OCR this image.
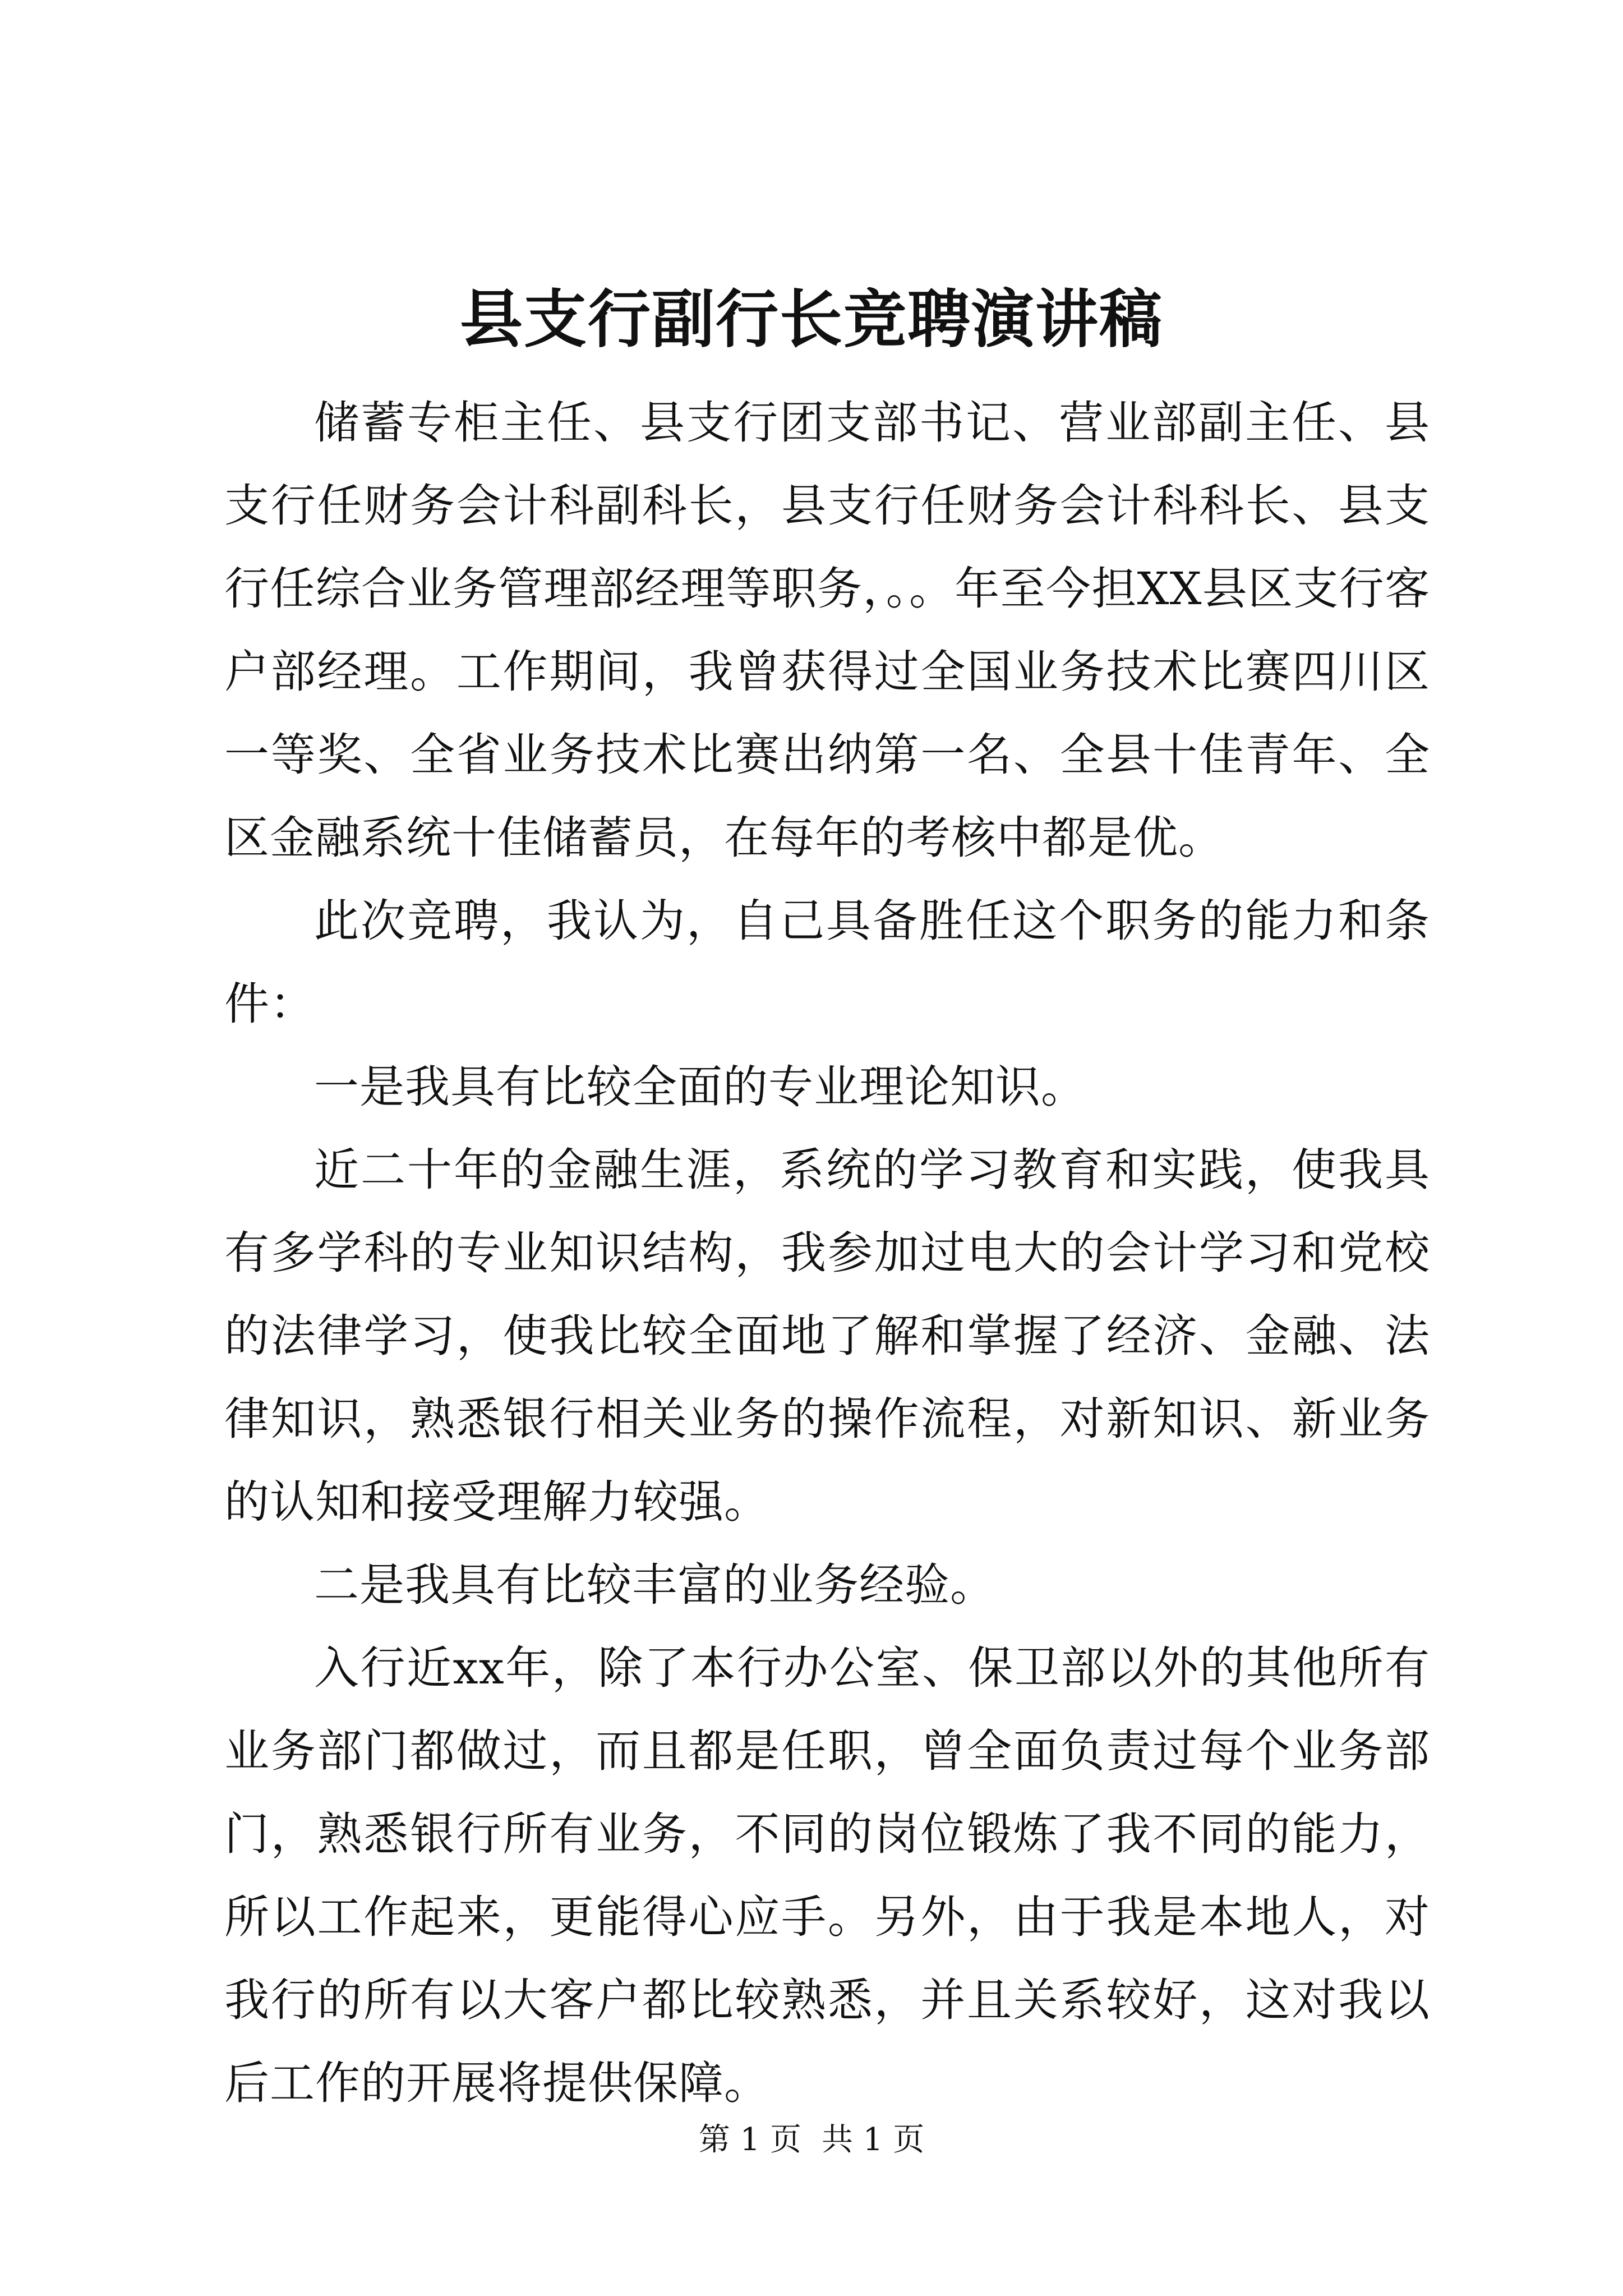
县支行副行长竞聘演讲稿

储蓄专柜主任、县支行团支部书记、营业部副主任、县支行任财务会计科副科长，县支行任财务会计科科长、县支行任综合业务管理部经理等职务，。。年至今担XX县区支行客户部经理。工作期间，我曾获得过全国业务技术比赛四川区一等奖、全省业务技术比赛出纳第一名、全县十佳青年、全区金融系统十佳储蓄员，在每年的考核中都是优。

此次竞聘，我认为，自己具备胜任这个职务的能力和条件：

一是我具有比较全面的专业理论知识。

近二十年的金融生涯，系统的学习教育和实践，使我具有多学科的专业知识结构，我参加过电大的会计学习和党校的法律学习，使我比较全面地了解和掌握了经济、金融、法律知识，熟悉银行相关业务的操作流程，对新知识、新业务的认知和接受理解力较强。

二是我具有比较丰富的业务经验。

入行近xx年，除了本行办公室、保卫部以外的其他所有业务部门都做过，而且都是任职，曾全面负责过每个业务部门，熟悉银行所有业务，不同的岗位锻炼了我不同的能力，所以工作起来，更能得心应手。另外，由于我是本地人，对我行的所有以大客户都比较熟悉，并且关系较好，这对我以后工作的开展将提供保障。

第 1 页 共 1 页
